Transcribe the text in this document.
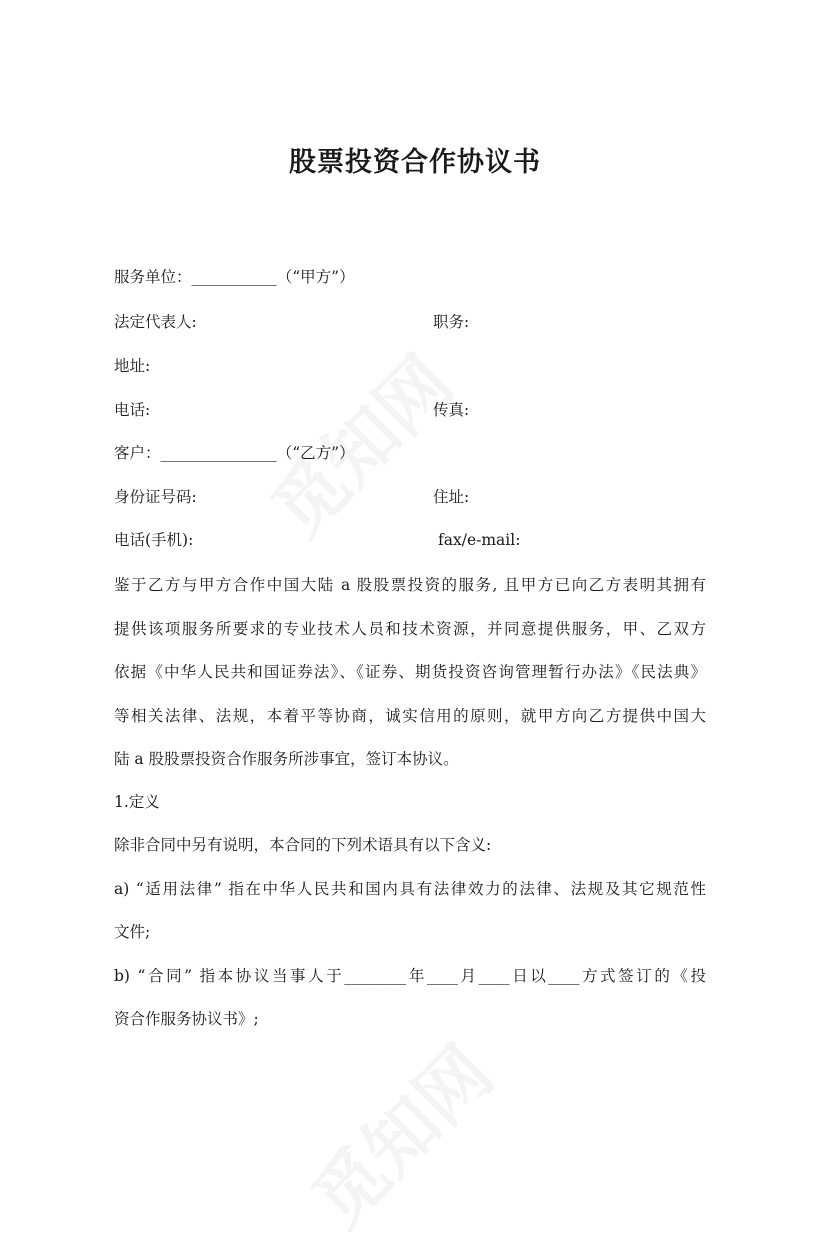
股票投资合作协议书
服务单位：___________（“甲方”）
法定代表人:	职务:
地址:
电话:	传真:
客户：_______________（“乙方”）
身份证号码:	住址:
电话(手机):	fax/e-mail:
鉴于乙方与甲方合作中国大陆 a 股股票投资的服务, 且甲方已向乙方表明其拥有
提供该项服务所要求的专业技术人员和技术资源，并同意提供服务，甲、乙双方
依据《中华人民共和国证券法》、《证券、期货投资咨询管理暂行办法》《民法典》
等相关法律、法规，本着平等协商，诚实信用的原则，就甲方向乙方提供中国大
陆 a 股股票投资合作服务所涉事宜，签订本协议。
1.定义
除非合同中另有说明，本合同的下列术语具有以下含义:
a) “适用法律” 指在中华人民共和国内具有法律效力的法律、法规及其它规范性
文件;
b) “合同” 指本协议当事人于________年____月____日以____方式签订的《投
资合作服务协议书》;
